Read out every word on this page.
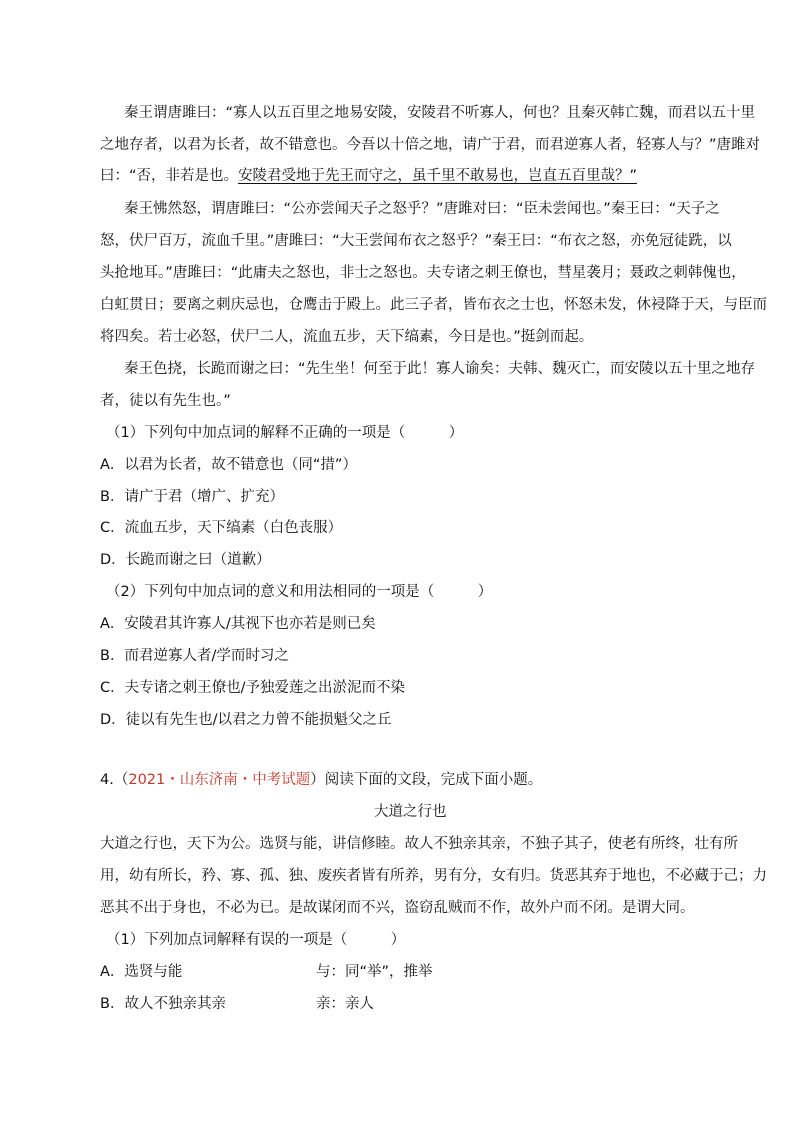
秦王谓唐雎曰：“寡人以五百里之地易安陵，安陵君不听寡人，何也？且秦灭韩亡魏，而君以五十里
之地存者，以君为长者，故不错意也。今吾以十倍之地，请广于君，而君逆寡人者，轻寡人与？”唐雎对
曰：“否，非若是也。安陵君受地于先王而守之，虽千里不敢易也，岂直五百里哉？”
秦王怫然怒，谓唐雎曰：“公亦尝闻天子之怒乎？”唐雎对曰：“臣未尝闻也。”秦王曰：“天子之
怒，伏尸百万，流血千里。”唐雎曰：“大王尝闻布衣之怒乎？”秦王曰：“布衣之怒，亦免冠徒跣，以
头抢地耳。”唐雎曰：“此庸夫之怒也，非士之怒也。夫专诸之刺王僚也，彗星袭月；聂政之刺韩傀也，
白虹贯日；要离之刺庆忌也，仓鹰击于殿上。此三子者，皆布衣之士也，怀怒未发，休祲降于天，与臣而
将四矣。若士必怒，伏尸二人，流血五步，天下缟素，今日是也。”挺剑而起。
秦王色挠，长跪而谢之曰：“先生坐！何至于此！寡人谕矣：夫韩、魏灭亡，而安陵以五十里之地存
者，徒以有先生也。”
（1）下列句中加点词的解释不正确的一项是（　　　）
A．以君为长者，故不错意也（同“措”）
B．请广于君（增广、扩充）
C．流血五步，天下缟素（白色丧服）
D．长跪而谢之曰（道歉）
（2）下列句中加点词的意义和用法相同的一项是（　　　）
A．安陵君其许寡人/其视下也亦若是则已矣
B．而君逆寡人者/学而时习之
C．夫专诸之刺王僚也/予独爱莲之出淤泥而不染
D．徒以有先生也/以君之力曾不能损魁父之丘
4.（2021・山东济南・中考试题）阅读下面的文段，完成下面小题。
大道之行也
大道之行也，天下为公。选贤与能，讲信修睦。故人不独亲其亲，不独子其子，使老有所终，壮有所
用，幼有所长，矜、寡、孤、独、废疾者皆有所养，男有分，女有归。货恶其弃于地也，不必藏于己；力
恶其不出于身也，不必为已。是故谋闭而不兴，盗窃乱贼而不作，故外户而不闭。是谓大同。
（1）下列加点词解释有误的一项是（　　　）
A．选贤与能	与：同“举”，推举
B．故人不独亲其亲	亲：亲人
